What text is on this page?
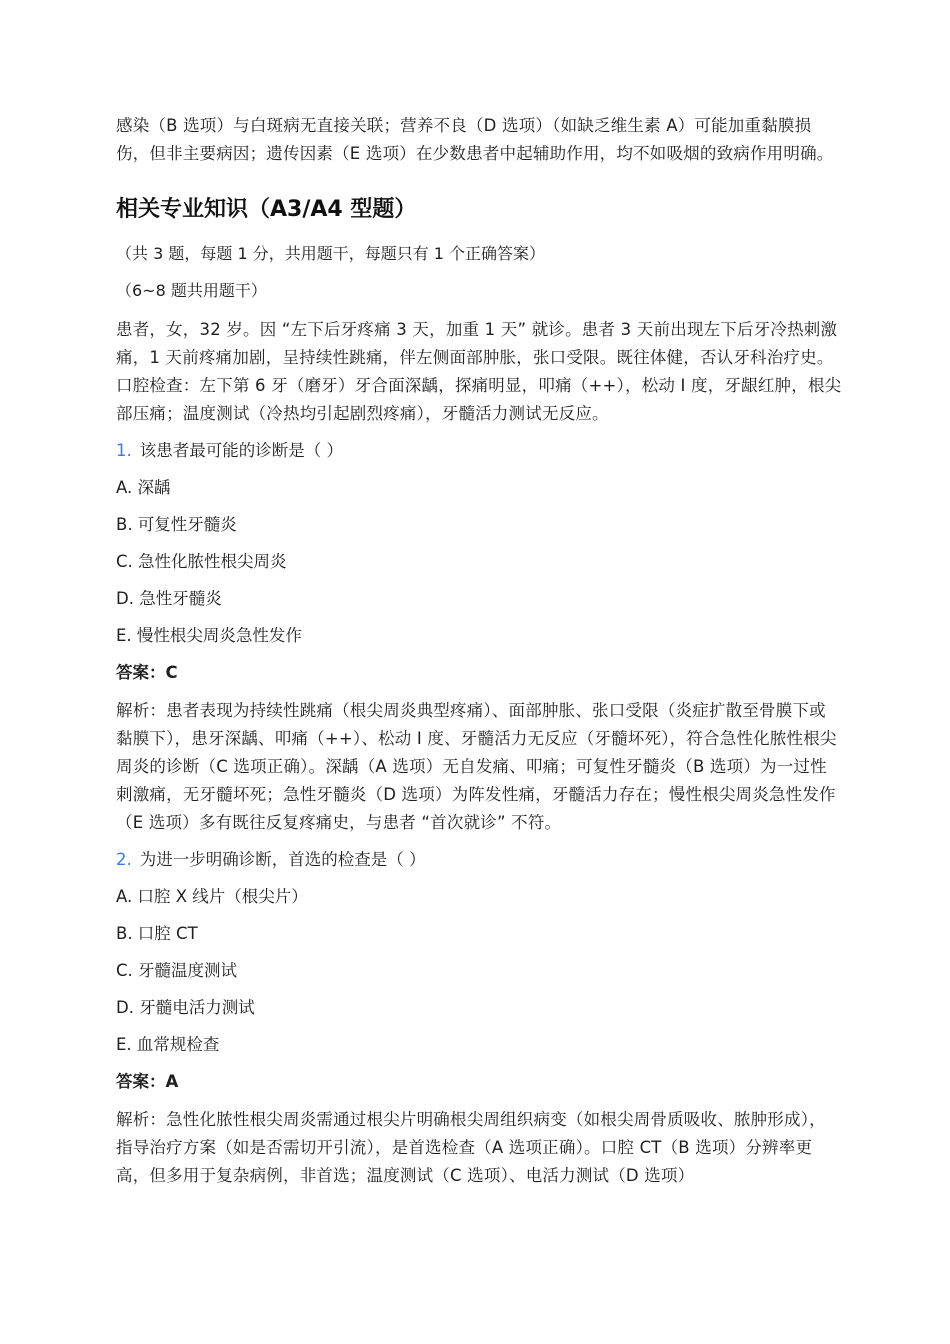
感染（B 选项）与白斑病无直接关联；营养不良（D 选项）（如缺乏维生素 A）可能加重黏膜损伤，但非主要病因；遗传因素（E 选项）在少数患者中起辅助作用，均不如吸烟的致病作用明确。

相关专业知识（A3/A4 型题）

（共 3 题，每题 1 分，共用题干，每题只有 1 个正确答案）

（6~8 题共用题干）

患者，女，32 岁。因 “左下后牙疼痛 3 天，加重 1 天” 就诊。患者 3 天前出现左下后牙冷热刺激痛，1 天前疼痛加剧，呈持续性跳痛，伴左侧面部肿胀，张口受限。既往体健，否认牙科治疗史。口腔检查：左下第 6 牙（磨牙）牙合面深龋，探痛明显，叩痛（++），松动 Ⅰ 度，牙龈红肿，根尖部压痛；温度测试（冷热均引起剧烈疼痛），牙髓活力测试无反应。

1. 该患者最可能的诊断是（ ）

A. 深龋

B. 可复性牙髓炎

C. 急性化脓性根尖周炎

D. 急性牙髓炎

E. 慢性根尖周炎急性发作

答案：C

解析：患者表现为持续性跳痛（根尖周炎典型疼痛）、面部肿胀、张口受限（炎症扩散至骨膜下或黏膜下），患牙深龋、叩痛（++）、松动 Ⅰ 度、牙髓活力无反应（牙髓坏死），符合急性化脓性根尖周炎的诊断（C 选项正确）。深龋（A 选项）无自发痛、叩痛；可复性牙髓炎（B 选项）为一过性刺激痛，无牙髓坏死；急性牙髓炎（D 选项）为阵发性痛，牙髓活力存在；慢性根尖周炎急性发作（E 选项）多有既往反复疼痛史，与患者 “首次就诊” 不符。

2. 为进一步明确诊断，首选的检查是（ ）

A. 口腔 X 线片（根尖片）

B. 口腔 CT

C. 牙髓温度测试

D. 牙髓电活力测试

E. 血常规检查

答案：A

解析：急性化脓性根尖周炎需通过根尖片明确根尖周组织病变（如根尖周骨质吸收、脓肿形成），指导治疗方案（如是否需切开引流），是首选检查（A 选项正确）。口腔 CT（B 选项）分辨率更高，但多用于复杂病例，非首选；温度测试（C 选项）、电活力测试（D 选项）
